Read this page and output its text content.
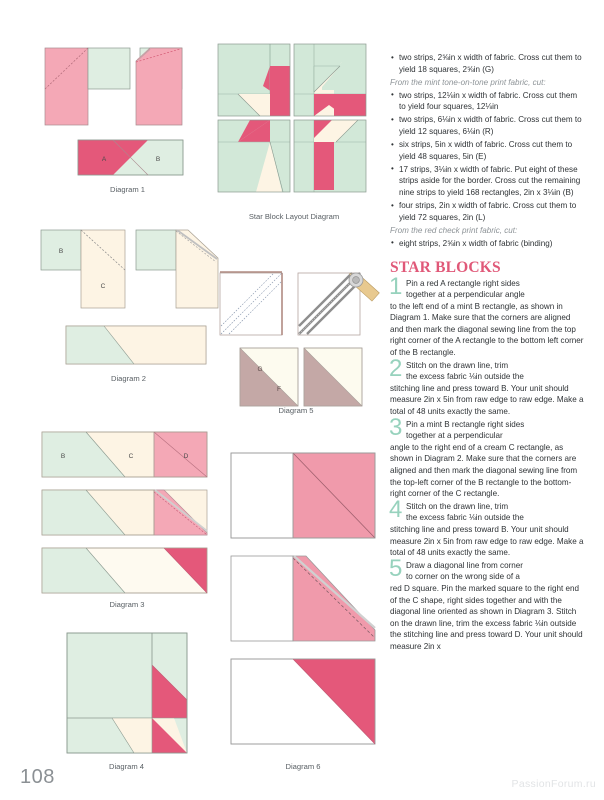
A	B
Diagram 1
Star Block Layout Diagram
B
C
Diagram 2
G
F
Diagram 5
B	C	D
Diagram 3
Diagram 6
Diagram 4
• two strips, 2⅝in x width of fabric. Cross cut them to yield 18 squares, 2⅝in (G)
From the mint tone-on-tone print fabric, cut:
• two strips, 12⅛in x width of fabric. Cross cut them to yield four squares, 12⅛in
• two strips, 6⅛in x width of fabric. Cross cut them to yield 12 squares, 6⅛in (R)
• six strips, 5in x width of fabric. Cross cut them to yield 48 squares, 5in (E)
• 17 strips, 3⅛in x width of fabric. Put eight of these strips aside for the border. Cross cut the remaining nine strips to yield 168 rectangles, 2in x 3⅛in (B)
• four strips, 2in x width of fabric. Cross cut them to yield 72 squares, 2in (L)
From the red check print fabric, cut:
• eight strips, 2⅝in x width of fabric (binding)
STAR BLOCKS
1 Pin a red A rectangle right sides
together at a perpendicular angle
to the left end of a mint B rectangle, as shown in Diagram 1. Make sure that the corners are aligned and then mark the diagonal sewing line from the top right corner of the A rectangle to the bottom left corner of the B rectangle.
2 Stitch on the drawn line, trim
the excess fabric ⅛in outside the
stitching line and press toward B. Your unit should measure 2in x 5in from raw edge to raw edge. Make a total of 48 units exactly the same.
3 Pin a mint B rectangle right sides
together at a perpendicular
angle to the right end of a cream C rectangle, as shown in Diagram 2. Make sure that the corners are aligned and then mark the diagonal sewing line from the top-left corner of the B rectangle to the bottom-right corner of the C rectangle.
4 Stitch on the drawn line, trim
the excess fabric ⅛in outside the
stitching line and press toward B. Your unit should measure 2in x 5in from raw edge to raw edge. Make a total of 48 units exactly the same.
5 Draw a diagonal line from corner
to corner on the wrong side of a
red D square. Pin the marked square to the right end of the C shape, right sides together and with the diagonal line oriented as shown in Diagram 3. Stitch on the drawn line, trim the excess fabric ⅛in outside the stitching line and press toward D. Your unit should measure 2in x
108	PassionForum.ru
